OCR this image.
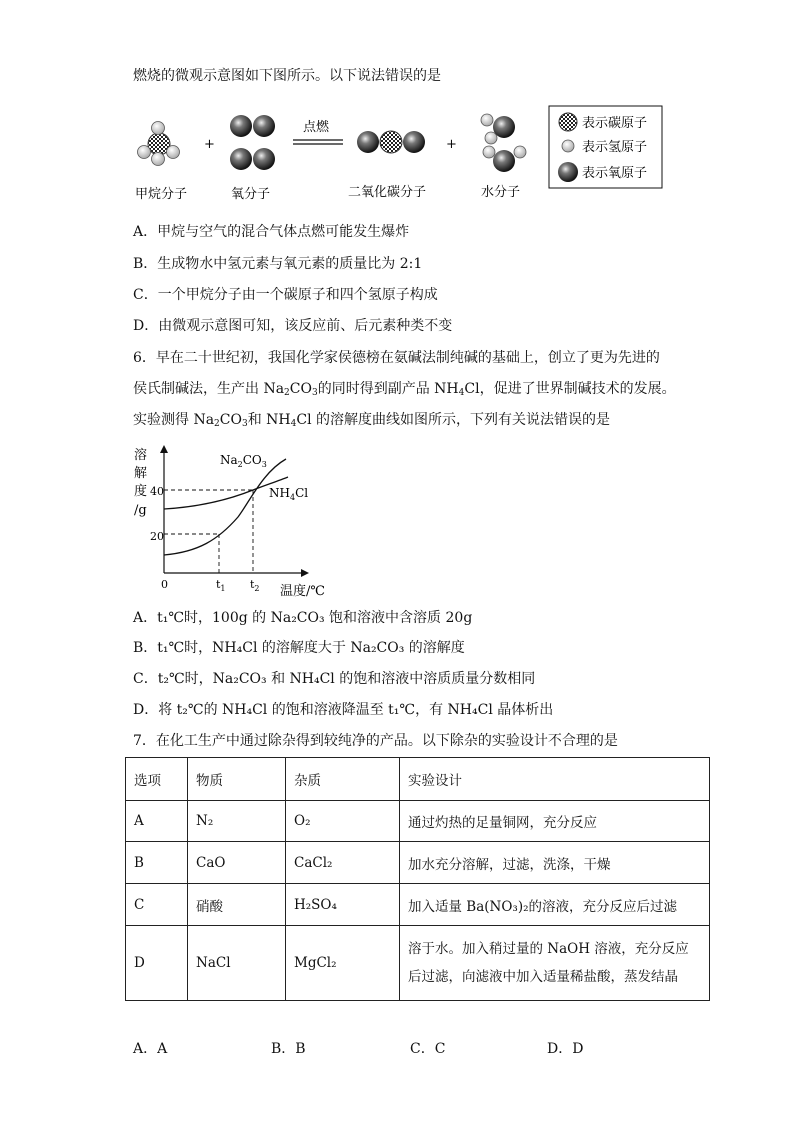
燃烧的微观示意图如下图所示。以下说法错误的是
+
点燃
+
表示碳原子
表示氢原子
表示氧原子
甲烷分子	氧分子	二氧化碳分子	水分子
A．甲烷与空气的混合气体点燃可能发生爆炸
B．生成物水中氢元素与氧元素的质量比为 2:1
C．一个甲烷分子由一个碳原子和四个氢原子构成
D．由微观示意图可知，该反应前、后元素种类不变
6．早在二十世纪初，我国化学家侯德榜在氨碱法制纯碱的基础上，创立了更为先进的
侯氏制碱法，生产出 $Na_2CO_3$的同时得到副产品 $NH_4Cl$，促进了世界制碱技术的发展。
实验测得 $Na_2CO_3$和 $NH_4Cl$ 的溶解度曲线如图所示，下列有关说法错误的是
溶
解
度
/g
40
20
0	$t_1$ $t_2$ 温度/℃
$Na_2CO_3$
$NH_4Cl$
A．t₁℃时，100g 的 Na₂CO₃ 饱和溶液中含溶质 20g
B．t₁℃时，NH₄Cl 的溶解度大于 Na₂CO₃ 的溶解度
C．t₂℃时，Na₂CO₃ 和 NH₄Cl 的饱和溶液中溶质质量分数相同
D．将 t₂℃的 NH₄Cl 的饱和溶液降温至 t₁℃，有 NH₄Cl 晶体析出
7．在化工生产中通过除杂得到较纯净的产品。以下除杂的实验设计不合理的是
选项	物质	杂质	实验设计
A	N₂	O₂	通过灼热的足量铜网，充分反应
B	CaO	CaCl₂	加水充分溶解，过滤，洗涤，干燥
C	硝酸	H₂SO₄	加入适量 Ba(NO₃)₂的溶液，充分反应后过滤
D	NaCl	MgCl₂	溶于水。加入稍过量的 NaOH 溶液，充分反应后过滤，向滤液中加入适量稀盐酸，蒸发结晶
A．A	B．B	C．C	D．D
